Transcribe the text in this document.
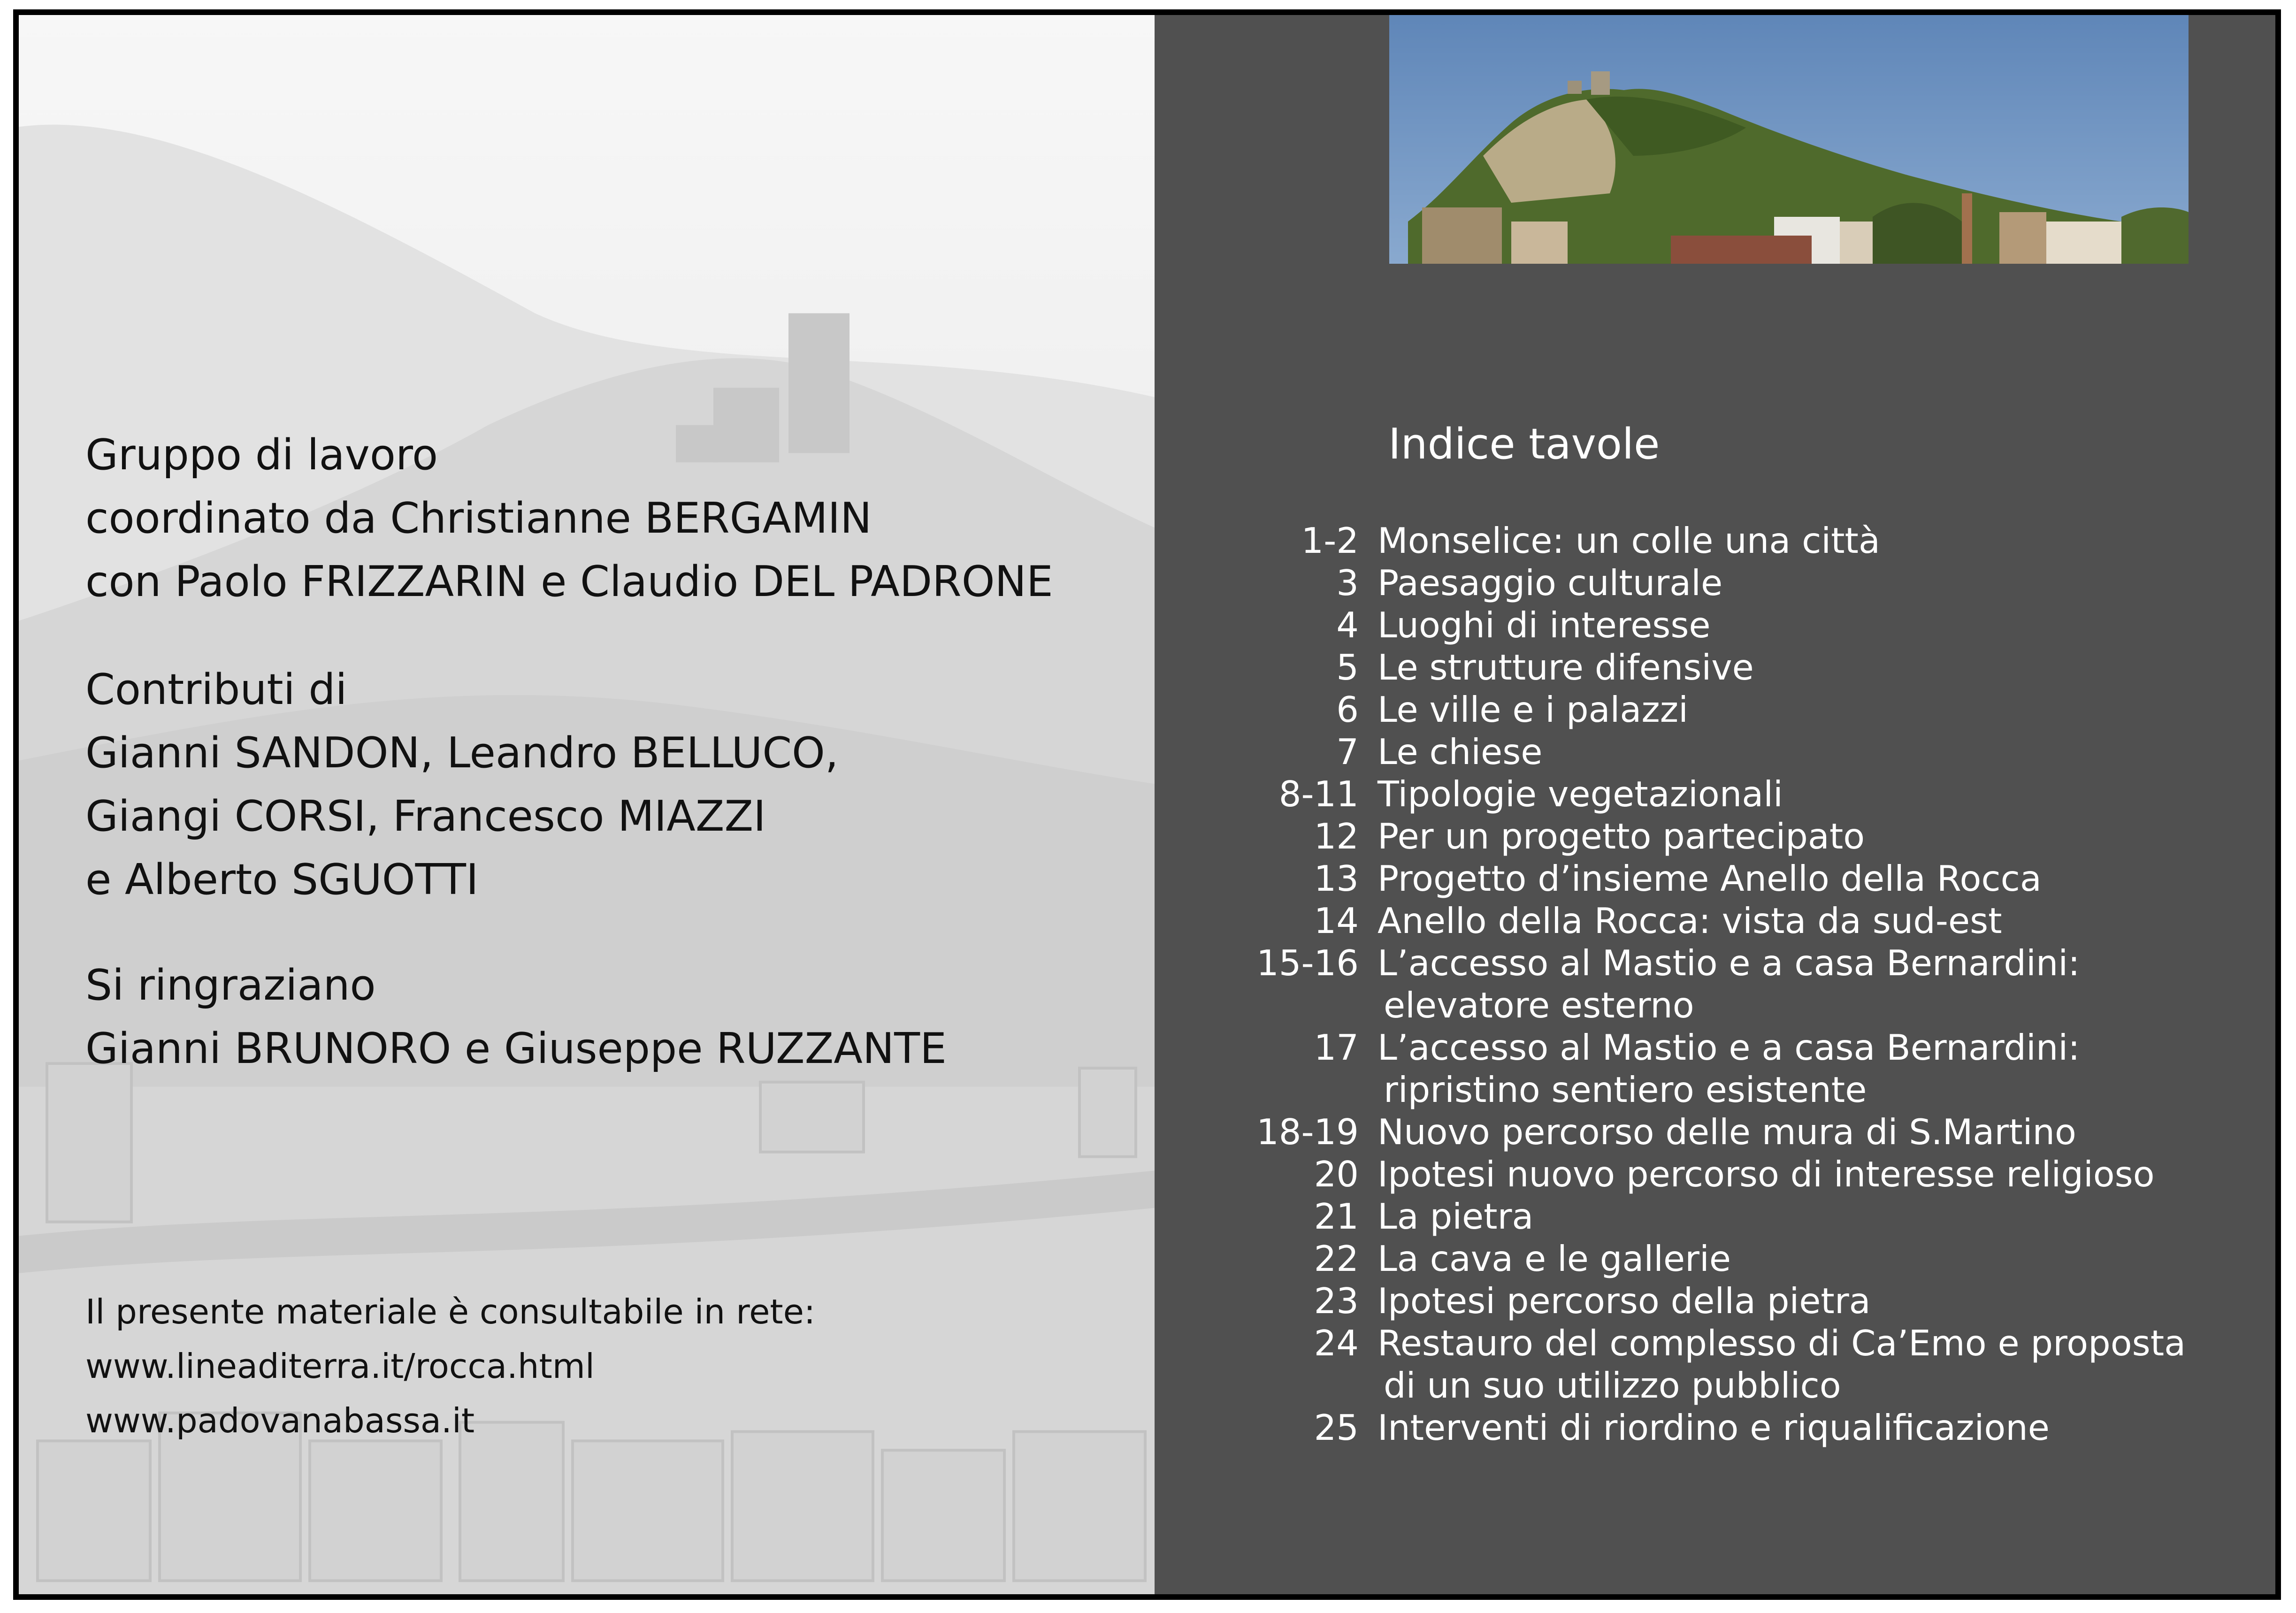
Gruppo di lavoro
coordinato da Christianne BERGAMIN
con Paolo FRIZZARIN e Claudio DEL PADRONE
Contributi di
Gianni SANDON, Leandro BELLUCO,
Giangi CORSI, Francesco MIAZZI
e Alberto SGUOTTI
Si ringraziano
Gianni BRUNORO e Giuseppe RUZZANTE
Il presente materiale è consultabile in rete:
www.lineaditerra.it/rocca.html
www.padovanabassa.it
Indice tavole
1-2 Monselice: un colle una città
3 Paesaggio culturale
4 Luoghi di interesse
5 Le strutture difensive
6 Le ville e i palazzi
7 Le chiese
8-11 Tipologie vegetazionali
12 Per un progetto partecipato
13 Progetto d’insieme Anello della Rocca
14 Anello della Rocca: vista da sud-est
15-16 L’accesso al Mastio e a casa Bernardini:
elevatore esterno
17 L’accesso al Mastio e a casa Bernardini:
ripristino sentiero esistente
18-19 Nuovo percorso delle mura di S.Martino
20 Ipotesi nuovo percorso di interesse religioso
21 La pietra
22 La cava e le gallerie
23 Ipotesi percorso della pietra
24 Restauro del complesso di Ca’Emo e proposta
di un suo utilizzo pubblico
25 Interventi di riordino e riqualificazione
